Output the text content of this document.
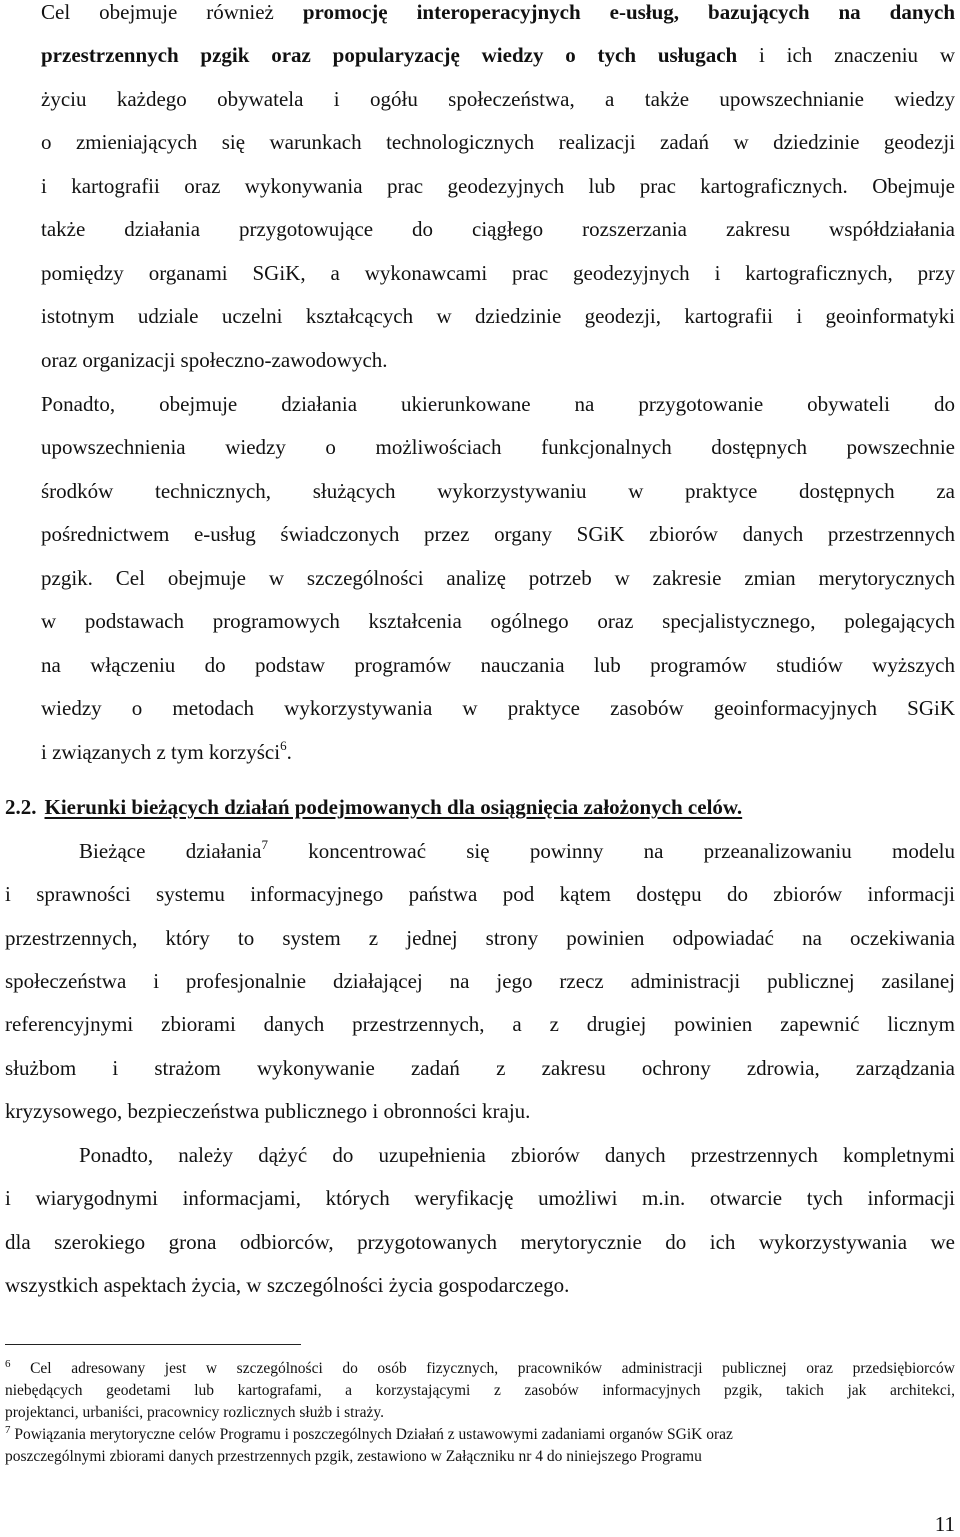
Cel obejmuje również promocję interoperacyjnych e-usług, bazujących na danych
przestrzennych pzgik oraz popularyzację wiedzy o tych usługach i ich znaczeniu w
życiu każdego obywatela i ogółu społeczeństwa, a także upowszechnianie wiedzy
o zmieniających się warunkach technologicznych realizacji zadań w dziedzinie geodezji
i kartografii oraz wykonywania prac geodezyjnych lub prac kartograficznych. Obejmuje
także działania przygotowujące do ciągłego rozszerzania zakresu współdziałania
pomiędzy organami SGiK, a wykonawcami prac geodezyjnych i kartograficznych, przy
istotnym udziale uczelni kształcących w dziedzinie geodezji, kartografii i geoinformatyki
oraz organizacji społeczno-zawodowych.
Ponadto, obejmuje działania ukierunkowane na przygotowanie obywateli do
upowszechnienia wiedzy o możliwościach funkcjonalnych dostępnych powszechnie
środków technicznych, służących wykorzystywaniu w praktyce dostępnych za
pośrednictwem e-usług świadczonych przez organy SGiK zbiorów danych przestrzennych
pzgik. Cel obejmuje w szczególności analizę potrzeb w zakresie zmian merytorycznych
w podstawach programowych kształcenia ogólnego oraz specjalistycznego, polegających
na włączeniu do podstaw programów nauczania lub programów studiów wyższych
wiedzy o metodach wykorzystywania w praktyce zasobów geoinformacyjnych SGiK
i związanych z tym korzyści$^6$.
2.2. Kierunki bieżących działań podejmowanych dla osiągnięcia założonych celów.
Bieżące działania$^7$ koncentrować się powinny na przeanalizowaniu modelu
i sprawności systemu informacyjnego państwa pod kątem dostępu do zbiorów informacji
przestrzennych, który to system z jednej strony powinien odpowiadać na oczekiwania
społeczeństwa i profesjonalnie działającej na jego rzecz administracji publicznej zasilanej
referencyjnymi zbiorami danych przestrzennych, a z drugiej powinien zapewnić licznym
służbom i strażom wykonywanie zadań z zakresu ochrony zdrowia, zarządzania
kryzysowego, bezpieczeństwa publicznego i obronności kraju.
Ponadto, należy dążyć do uzupełnienia zbiorów danych przestrzennych kompletnymi
i wiarygodnymi informacjami, których weryfikację umożliwi m.in. otwarcie tych informacji
dla szerokiego grona odbiorców, przygotowanych merytorycznie do ich wykorzystywania we
wszystkich aspektach życia, w szczególności życia gospodarczego.
$^6$ Cel adresowany jest w szczególności do osób fizycznych, pracowników administracji publicznej oraz przedsiębiorców
niebędących geodetami lub kartografami, a korzystającymi z zasobów informacyjnych pzgik, takich jak architekci,
projektanci, urbaniści, pracownicy rozlicznych służb i straży.
$^7$ Powiązania merytoryczne celów Programu i poszczególnych Działań z ustawowymi zadaniami organów SGiK oraz
poszczególnymi zbiorami danych przestrzennych pzgik, zestawiono w Załączniku nr 4 do niniejszego Programu
11
